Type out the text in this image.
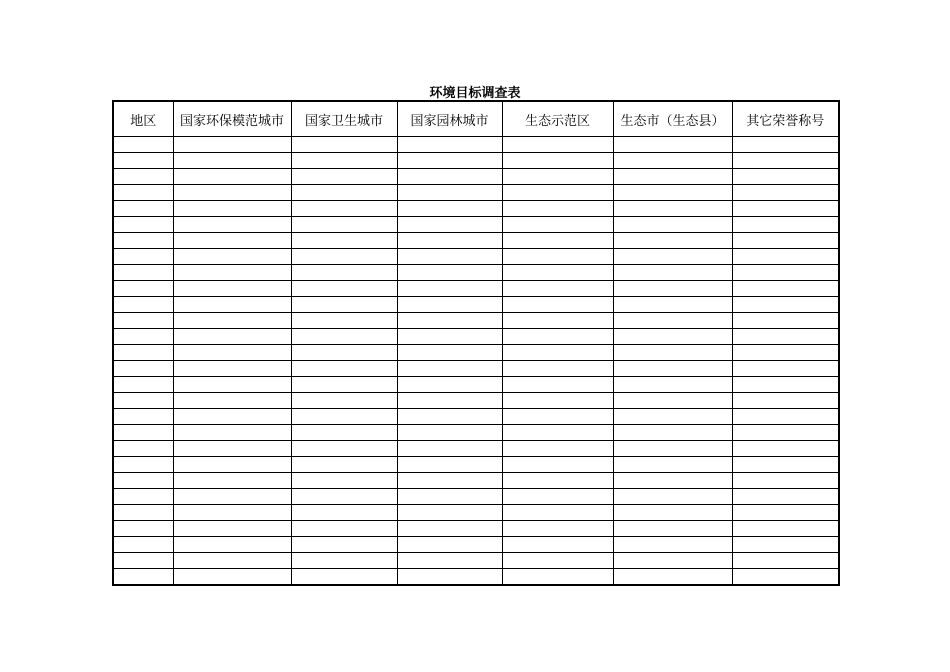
环境目标调查表
地区	国家环保模范城市	国家卫生城市	国家园林城市	生态示范区	生态市（生态县）	其它荣誉称号
